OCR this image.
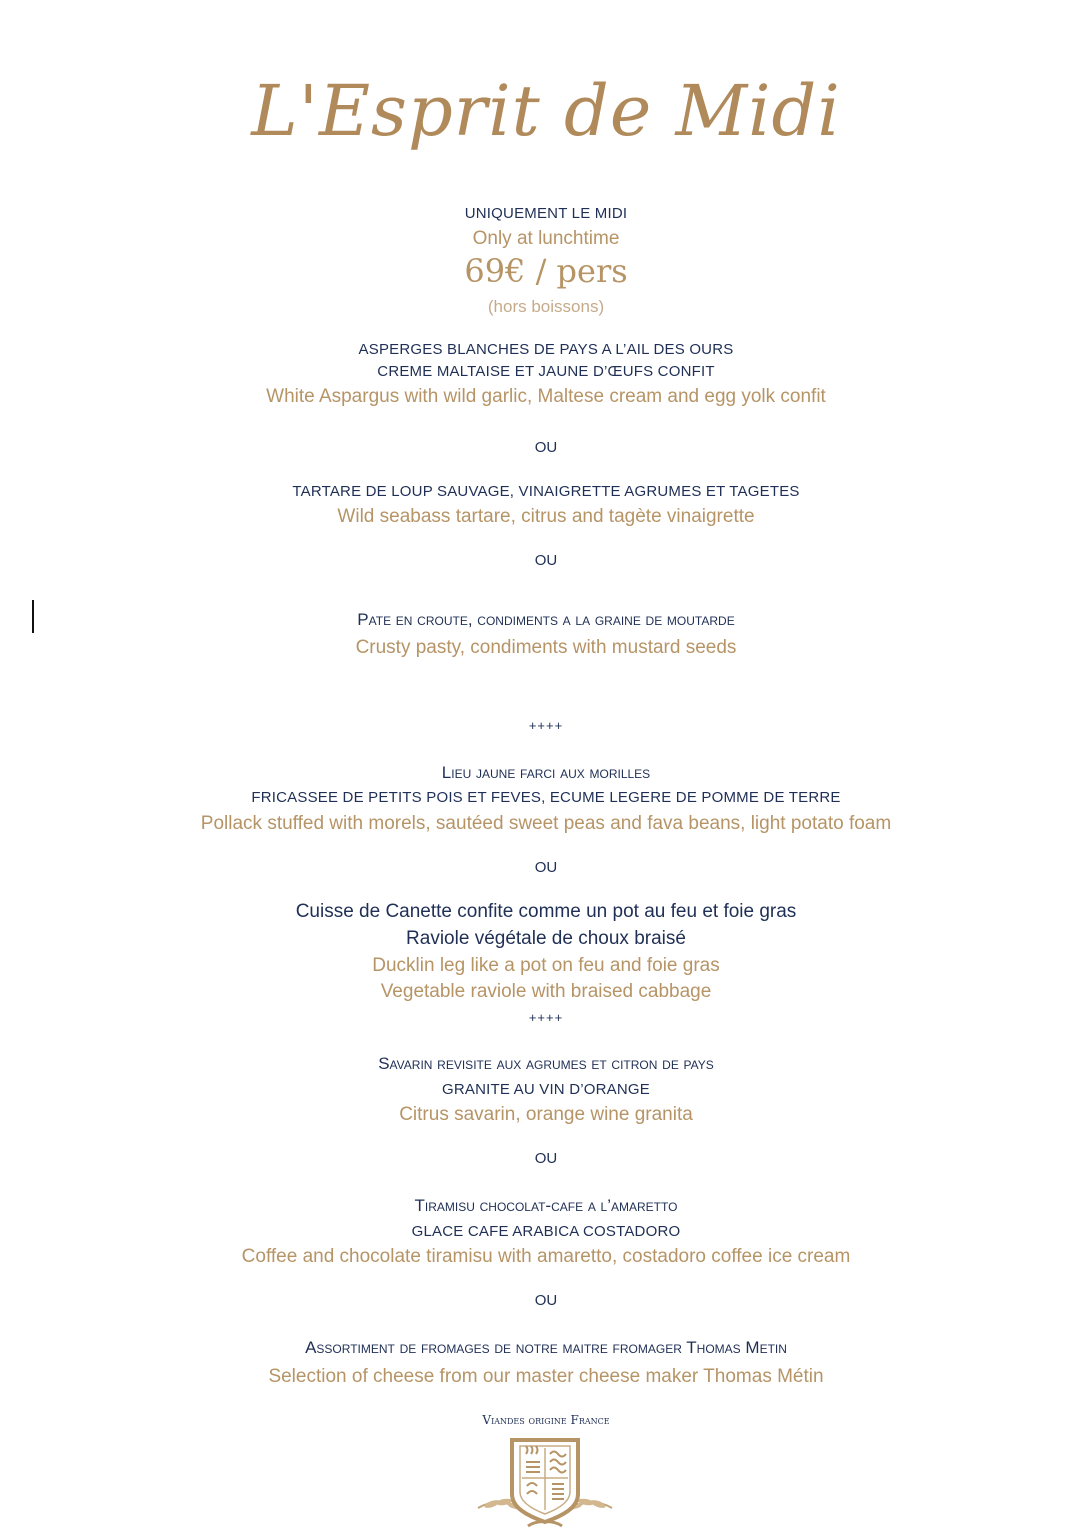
L'Esprit de Midi
UNIQUEMENT LE MIDI
Only at lunchtime
69€ / pers
(hors boissons)
ASPERGES BLANCHES DE PAYS A L’AIL DES OURS
CREME MALTAISE ET JAUNE D’ŒUFS CONFIT
White Aspargus with wild garlic, Maltese cream and egg yolk confit
OU
TARTARE DE LOUP SAUVAGE, VINAIGRETTE AGRUMES ET TAGETES
Wild seabass tartare, citrus and tagète vinaigrette
OU
Pate en croute, condiments a la graine de moutarde
Crusty pasty, condiments with mustard seeds
++++
Lieu jaune farci aux morilles
FRICASSEE DE PETITS POIS ET FEVES, ECUME LEGERE DE POMME DE TERRE
Pollack stuffed with morels, sautéed sweet peas and fava beans, light potato foam
OU
Cuisse de Canette confite comme un pot au feu et foie gras
Raviole végétale de choux braisé
Ducklin leg like a pot on feu and foie gras
Vegetable raviole with braised cabbage
++++
Savarin revisite aux agrumes et citron de pays
GRANITE AU VIN D’ORANGE
Citrus savarin, orange wine granita
OU
Tiramisu chocolat-cafe a l’amaretto
GLACE CAFE ARABICA COSTADORO
Coffee and chocolate tiramisu with amaretto, costadoro coffee ice cream
OU
Assortiment de fromages de notre maitre fromager Thomas Metin
Selection of cheese from our master cheese maker Thomas Métin
Viandes origine France
